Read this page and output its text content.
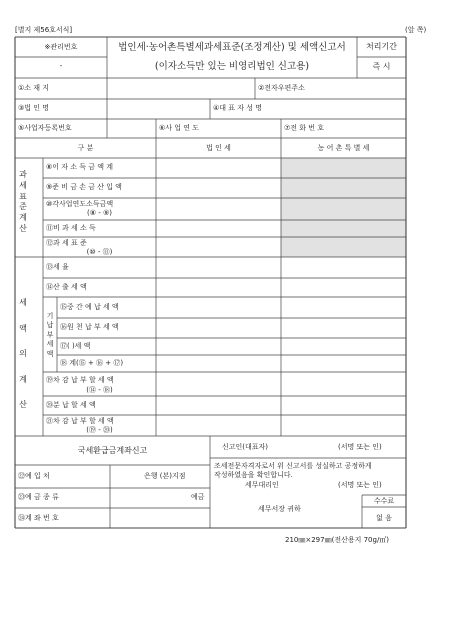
[별지 제56호서식]	(앞 쪽)
※관리번호
-
법인세·농어촌특별세과세표준(조정계산) 및 세액신고서
(이자소득만 있는 비영리법인 신고용)
처리기간
즉 시
①소 재 지	②전자우편주소
③법 인 명	④대 표 자 성 명
⑤사업자등록번호	⑥사 업 연 도	⑦전 화 번 호
구 분	법 인 세	농 어 촌 특 별 세
과세표준계산
⑧이 자 소 득 금 액 계
⑨준 비 금 손 금 산 입 액
⑩각사업연도소득금액
(⑧ - ⑨)
⑪비 과 세 소 득
⑫과 세 표 준
(⑩ - ⑪)
세액의계산
기납부세액
⑬세 율
⑭산 출 세 액
⑮중 간 예 납 세 액
⑯원 천 납 부 세 액
⑰( )세 액
⑱ 계(⑮ + ⑯ + ⑰)
⑲차 감 납 부 할 세 액
(⑭ - ⑱)
⑳분 납 할 세 액
㉑차 감 납 부 할 세 액
(⑲ - ⑳)
국세환급금계좌신고
㉒예 입 처	은행 (본)지점
㉓예 금 종 류	예금
㉔계 좌 번 호
신고인(대표자)	(서명 또는 인)
조세전문자격자로서 위 신고서를 성실하고 공정하게
작성하였음을 확인합니다.
세무대리인	(서명 또는 인)
세무서장 귀하
수수료
없 음
210㎜×297㎜(전산용지 70g/㎡)
